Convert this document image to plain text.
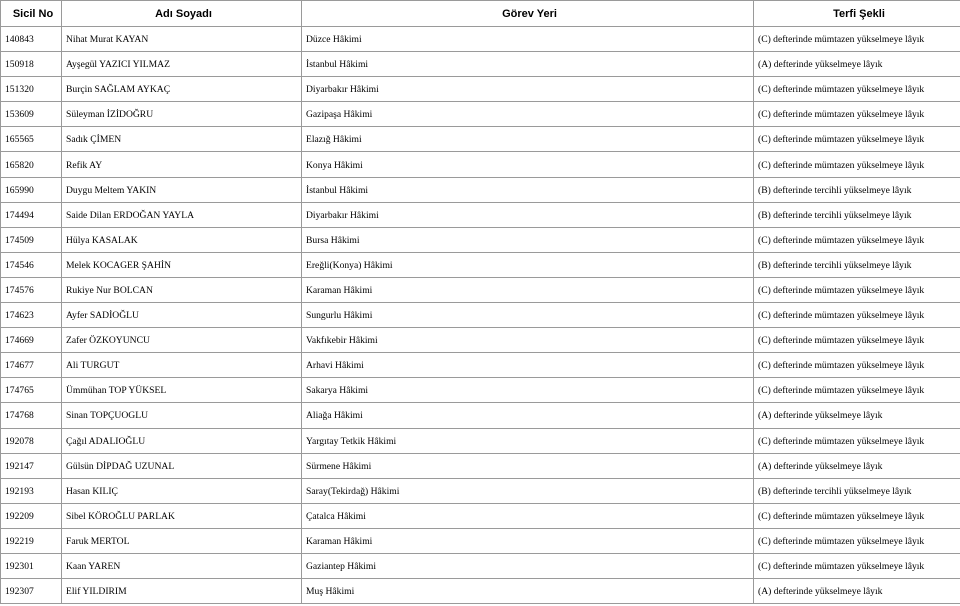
Sicil No	Adı Soyadı	Görev Yeri	Terfi Şekli
140843	Nihat Murat KAYAN	Düzce Hâkimi	(C) defterinde mümtazen yükselmeye lâyık
150918	Ayşegül YAZICI YILMAZ	İstanbul Hâkimi	(A) defterinde yükselmeye lâyık
151320	Burçin SAĞLAM AYKAÇ	Diyarbakır Hâkimi	(C) defterinde mümtazen yükselmeye lâyık
153609	Süleyman İZİDOĞRU	Gazipaşa Hâkimi	(C) defterinde mümtazen yükselmeye lâyık
165565	Sadık ÇİMEN	Elazığ Hâkimi	(C) defterinde mümtazen yükselmeye lâyık
165820	Refik AY	Konya Hâkimi	(C) defterinde mümtazen yükselmeye lâyık
165990	Duygu Meltem YAKIN	İstanbul Hâkimi	(B) defterinde tercihli yükselmeye lâyık
174494	Saide Dilan ERDOĞAN YAYLA	Diyarbakır Hâkimi	(B) defterinde tercihli yükselmeye lâyık
174509	Hülya KASALAK	Bursa Hâkimi	(C) defterinde mümtazen yükselmeye lâyık
174546	Melek KOCAGER ŞAHİN	Ereğli(Konya) Hâkimi	(B) defterinde tercihli yükselmeye lâyık
174576	Rukiye Nur BOLCAN	Karaman Hâkimi	(C) defterinde mümtazen yükselmeye lâyık
174623	Ayfer SADİOĞLU	Sungurlu Hâkimi	(C) defterinde mümtazen yükselmeye lâyık
174669	Zafer ÖZKOYUNCU	Vakfıkebir Hâkimi	(C) defterinde mümtazen yükselmeye lâyık
174677	Ali TURGUT	Arhavi Hâkimi	(C) defterinde mümtazen yükselmeye lâyık
174765	Ümmühan TOP YÜKSEL	Sakarya Hâkimi	(C) defterinde mümtazen yükselmeye lâyık
174768	Sinan TOPÇUOGLU	Aliağa Hâkimi	(A) defterinde yükselmeye lâyık
192078	Çağıl ADALIOĞLU	Yargıtay Tetkik Hâkimi	(C) defterinde mümtazen yükselmeye lâyık
192147	Gülsün DİPDAĞ UZUNAL	Sürmene Hâkimi	(A) defterinde yükselmeye lâyık
192193	Hasan KILIÇ	Saray(Tekirdağ) Hâkimi	(B) defterinde tercihli yükselmeye lâyık
192209	Sibel KÖROĞLU PARLAK	Çatalca Hâkimi	(C) defterinde mümtazen yükselmeye lâyık
192219	Faruk MERTOL	Karaman Hâkimi	(C) defterinde mümtazen yükselmeye lâyık
192301	Kaan YAREN	Gaziantep Hâkimi	(C) defterinde mümtazen yükselmeye lâyık
192307	Elif YILDIRIM	Muş Hâkimi	(A) defterinde yükselmeye lâyık
